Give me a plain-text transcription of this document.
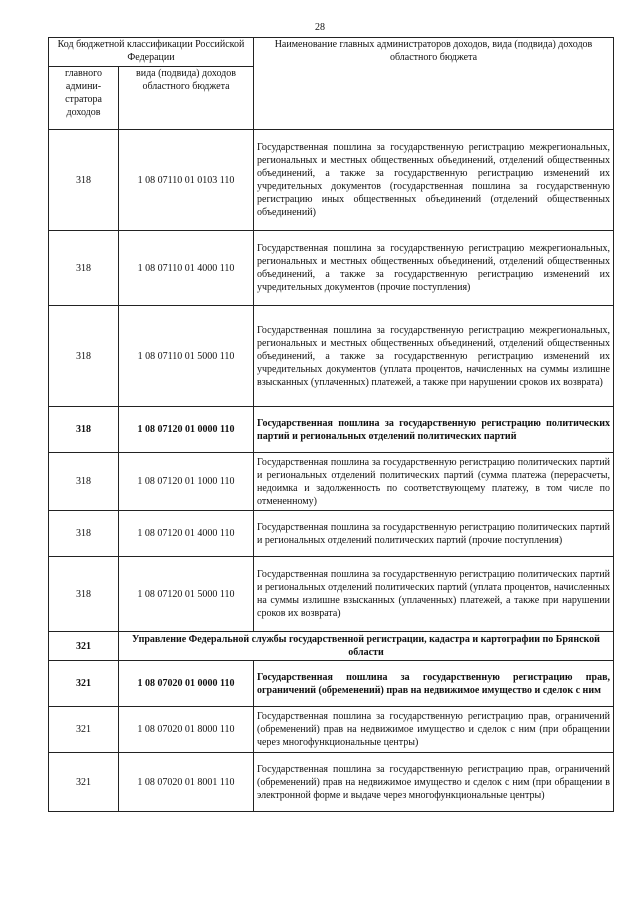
28
Код бюджетной классификации Российской Федерации		Наименование главных администраторов доходов, вида (подвида) доходов областного бюджета
главного админи-стратора доходов	вида (подвида) доходов областного бюджета	
318	1 08 07110 01 0103 110	Государственная пошлина за государственную регистрацию межрегиональных, региональных и местных общественных объединений, отделений общественных объединений, а также за государственную регистрацию изменений их учредительных документов (государственная пошлина за государственную регистрацию иных общественных объединений (отделений общественных объединений)
318	1 08 07110 01 4000 110	Государственная пошлина за государственную регистрацию межрегиональных, региональных и местных общественных объединений, отделений общественных объединений, а также за государственную регистрацию изменений их учредительных документов (прочие поступления)
318	1 08 07110 01 5000 110	Государственная пошлина за государственную регистрацию межрегиональных, региональных и местных общественных объединений, отделений общественных объединений, а также за государственную регистрацию изменений их учредительных документов (уплата процентов, начисленных на суммы излишне взысканных (уплаченных) платежей, а также при нарушении сроков их возврата)
318	1 08 07120 01 0000 110	Государственная пошлина за государственную регистрацию политических партий и региональных отделений политических партий
318	1 08 07120 01 1000 110	Государственная пошлина за государственную регистрацию политических партий и региональных отделений политических партий (сумма платежа (перерасчеты, недоимка и задолженность по соответствующему платежу, в том числе по отмененному)
318	1 08 07120 01 4000 110	Государственная пошлина за государственную регистрацию политических партий и региональных отделений политических партий (прочие поступления)
318	1 08 07120 01 5000 110	Государственная пошлина за государственную регистрацию политических партий и региональных отделений политических партий (уплата процентов, начисленных на суммы излишне взысканных (уплаченных) платежей, а также при нарушении сроков их возврата)
321	Управление Федеральной службы государственной регистрации, кадастра и картографии по Брянской области	
321	1 08 07020 01 0000 110	Государственная пошлина за государственную регистрацию прав, ограничений (обременений) прав на недвижимое имущество и сделок с ним
321	1 08 07020 01 8000 110	Государственная пошлина за государственную регистрацию прав, ограничений (обременений) прав на недвижимое имущество и сделок с ним (при обращении через многофункциональные центры)
321	1 08 07020 01 8001 110	Государственная пошлина за государственную регистрацию прав, ограничений (обременений) прав на недвижимое имущество и сделок с ним (при обращении в электронной форме и выдаче через многофункциональные центры)
